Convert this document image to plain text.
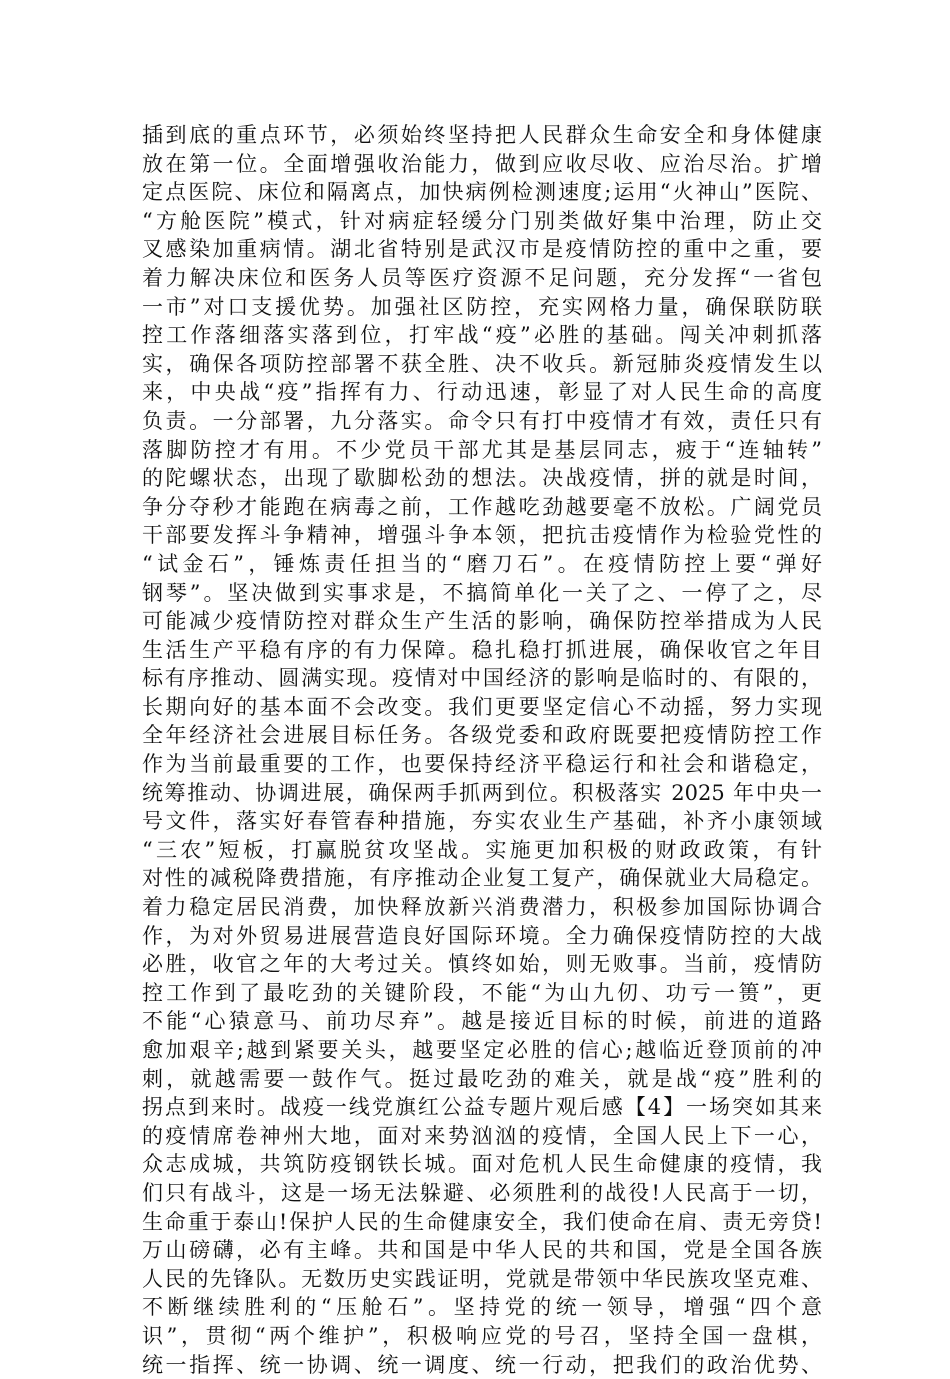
插到底的重点环节，必须始终坚持把人民群众生命安全和身体健康
放在第一位。全面增强收治能力，做到应收尽收、应治尽治。扩增
定点医院、床位和隔离点，加快病例检测速度;运用“火神山”医院、
“方舱医院”模式，针对病症轻缓分门别类做好集中治理，防止交
叉感染加重病情。湖北省特别是武汉市是疫情防控的重中之重，要
着力解决床位和医务人员等医疗资源不足问题，充分发挥“一省包
一市”对口支援优势。加强社区防控，充实网格力量，确保联防联
控工作落细落实落到位，打牢战“疫”必胜的基础。闯关冲刺抓落
实，确保各项防控部署不获全胜、决不收兵。新冠肺炎疫情发生以
来，中央战“疫”指挥有力、行动迅速，彰显了对人民生命的高度
负责。一分部署，九分落实。命令只有打中疫情才有效，责任只有
落脚防控才有用。不少党员干部尤其是基层同志，疲于“连轴转”
的陀螺状态，出现了歇脚松劲的想法。决战疫情，拼的就是时间，
争分夺秒才能跑在病毒之前，工作越吃劲越要毫不放松。广阔党员
干部要发挥斗争精神，增强斗争本领，把抗击疫情作为检验党性的
“试金石”，锤炼责任担当的“磨刀石”。在疫情防控上要“弹好
钢琴”。坚决做到实事求是，不搞简单化一关了之、一停了之，尽
可能减少疫情防控对群众生产生活的影响，确保防控举措成为人民
生活生产平稳有序的有力保障。稳扎稳打抓进展，确保收官之年目
标有序推动、圆满实现。疫情对中国经济的影响是临时的、有限的，
长期向好的基本面不会改变。我们更要坚定信心不动摇，努力实现
全年经济社会进展目标任务。各级党委和政府既要把疫情防控工作
作为当前最重要的工作，也要保持经济平稳运行和社会和谐稳定，
统筹推动、协调进展，确保两手抓两到位。积极落实 2025 年中央一
号文件，落实好春管春种措施，夯实农业生产基础，补齐小康领域
“三农”短板，打赢脱贫攻坚战。实施更加积极的财政政策，有针
对性的减税降费措施，有序推动企业复工复产，确保就业大局稳定。
着力稳定居民消费，加快释放新兴消费潜力，积极参加国际协调合
作，为对外贸易进展营造良好国际环境。全力确保疫情防控的大战
必胜，收官之年的大考过关。慎终如始，则无败事。当前，疫情防
控工作到了最吃劲的关键阶段，不能“为山九仞、功亏一篑”，更
不能“心猿意马、前功尽弃”。越是接近目标的时候，前进的道路
愈加艰辛;越到紧要关头，越要坚定必胜的信心;越临近登顶前的冲
刺，就越需要一鼓作气。挺过最吃劲的难关，就是战“疫”胜利的
拐点到来时。战疫一线党旗红公益专题片观后感【4】一场突如其来
的疫情席卷神州大地，面对来势汹汹的疫情，全国人民上下一心，
众志成城，共筑防疫钢铁长城。面对危机人民生命健康的疫情，我
们只有战斗，这是一场无法躲避、必须胜利的战役!人民高于一切，
生命重于泰山!保护人民的生命健康安全，我们使命在肩、责无旁贷!
万山磅礴，必有主峰。共和国是中华人民的共和国，党是全国各族
人民的先锋队。无数历史实践证明，党就是带领中华民族攻坚克难、
不断继续胜利的“压舱石”。坚持党的统一领导，增强“四个意
识”，贯彻“两个维护”，积极响应党的号召，坚持全国一盘棋，
统一指挥、统一协调、统一调度、统一行动，把我们的政治优势、
